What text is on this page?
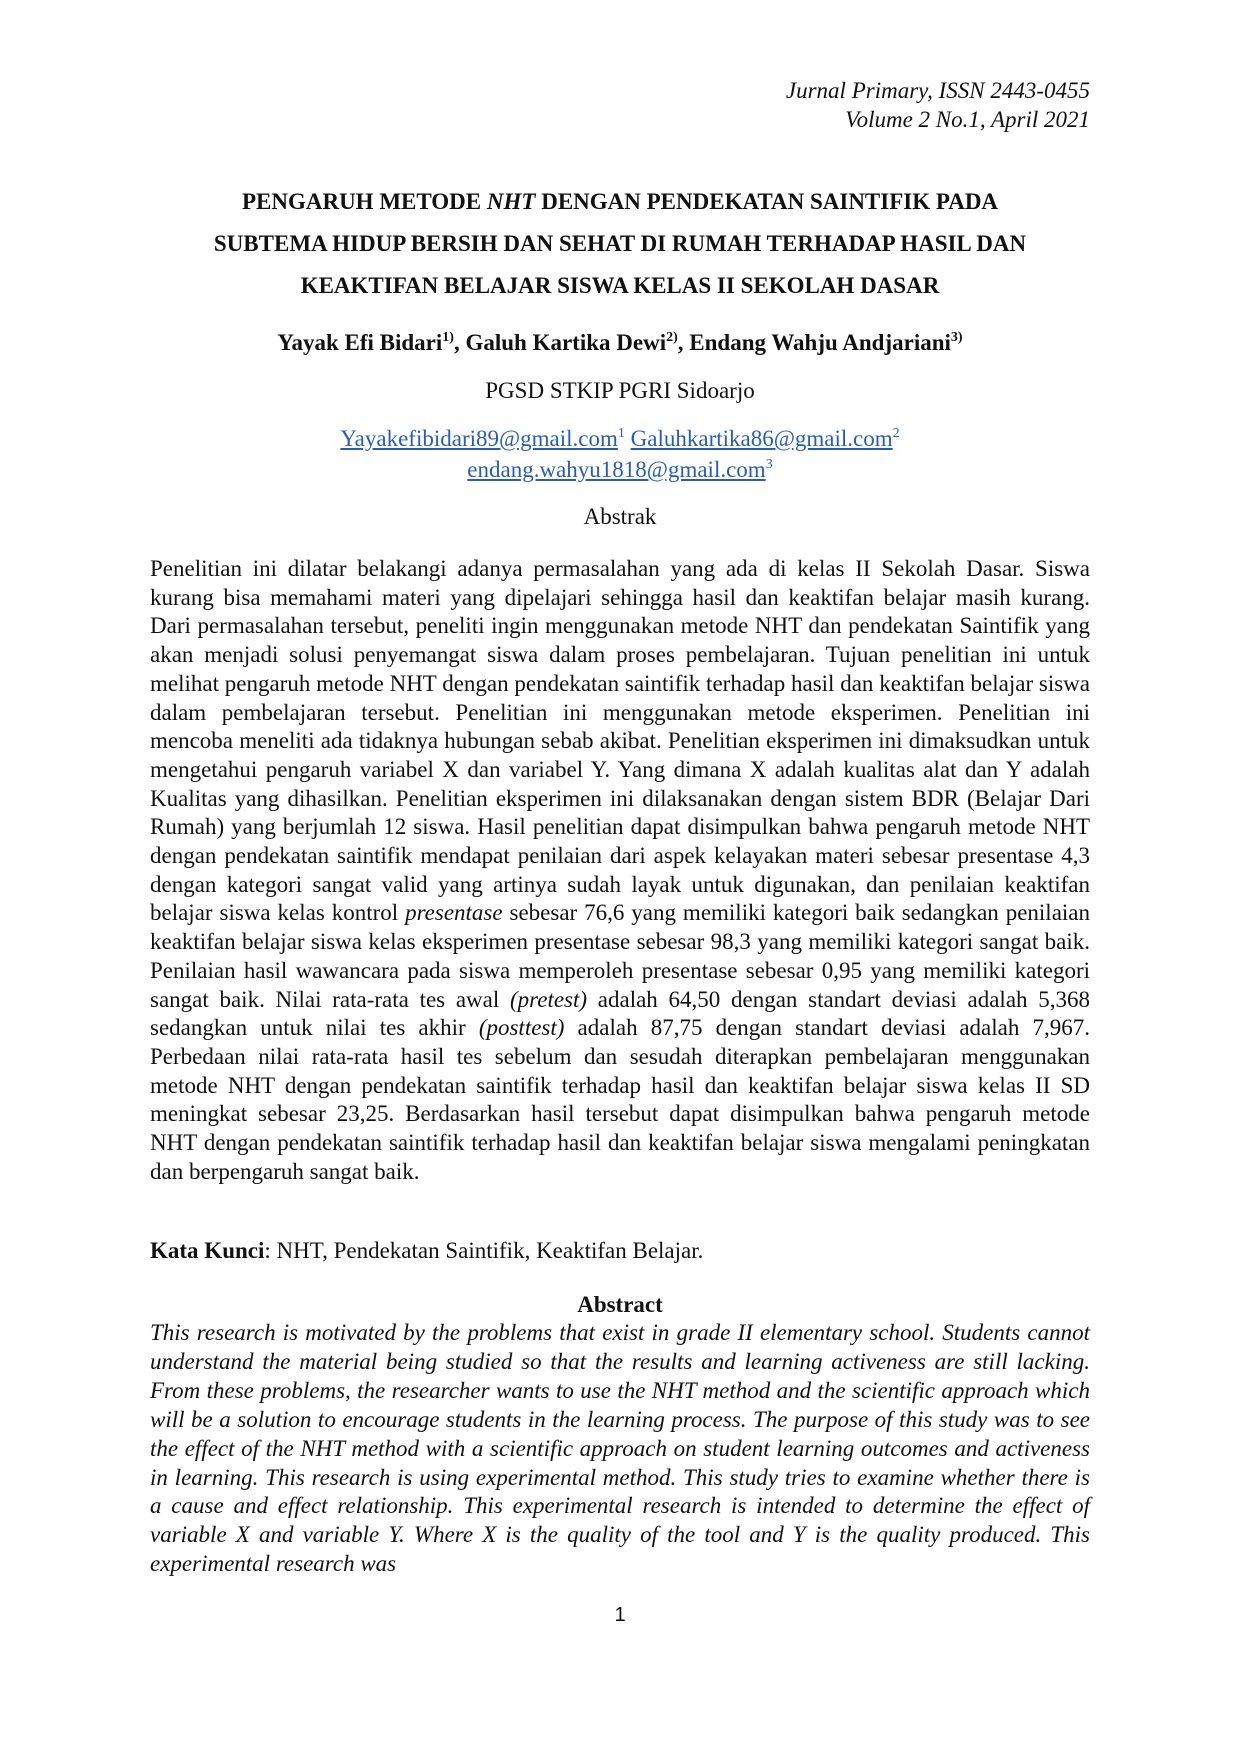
Jurnal Primary, ISSN 2443-0455
Volume 2 No.1, April 2021
PENGARUH METODE NHT DENGAN PENDEKATAN SAINTIFIK PADA
SUBTEMA HIDUP BERSIH DAN SEHAT DI RUMAH TERHADAP HASIL DAN
KEAKTIFAN BELAJAR SISWA KELAS II SEKOLAH DASAR
Yayak Efi Bidari$^{1)}$, Galuh Kartika Dewi$^{2)}$, Endang Wahju Andjariani$^{3)}$
PGSD STKIP PGRI Sidoarjo
Yayakefibidari89@gmail.com$^1$ Galuhkartika86@gmail.com$^2$
endang.wahyu1818@gmail.com$^3$
Abstrak

Penelitian ini dilatar belakangi adanya permasalahan yang ada di kelas II Sekolah Dasar. Siswa kurang bisa memahami materi yang dipelajari sehingga hasil dan keaktifan belajar masih kurang. Dari permasalahan tersebut, peneliti ingin menggunakan metode NHT dan pendekatan Saintifik yang akan menjadi solusi penyemangat siswa dalam proses pembelajaran. Tujuan penelitian ini untuk melihat pengaruh metode NHT dengan pendekatan saintifik terhadap hasil dan keaktifan belajar siswa dalam pembelajaran tersebut. Penelitian ini menggunakan metode eksperimen. Penelitian ini mencoba meneliti ada tidaknya hubungan sebab akibat. Penelitian eksperimen ini dimaksudkan untuk mengetahui pengaruh variabel X dan variabel Y. Yang dimana X adalah kualitas alat dan Y adalah Kualitas yang dihasilkan. Penelitian eksperimen ini dilaksanakan dengan sistem BDR (Belajar Dari Rumah) yang berjumlah 12 siswa. Hasil penelitian dapat disimpulkan bahwa pengaruh metode NHT dengan pendekatan saintifik mendapat penilaian dari aspek kelayakan materi sebesar presentase 4,3 dengan kategori sangat valid yang artinya sudah layak untuk digunakan, dan penilaian keaktifan belajar siswa kelas kontrol presentase sebesar 76,6 yang memiliki kategori baik sedangkan penilaian keaktifan belajar siswa kelas eksperimen presentase sebesar 98,3 yang memiliki kategori sangat baik. Penilaian hasil wawancara pada siswa memperoleh presentase sebesar 0,95 yang memiliki kategori sangat baik. Nilai rata-rata tes awal (pretest) adalah 64,50 dengan standart deviasi adalah 5,368 sedangkan untuk nilai tes akhir (posttest) adalah 87,75 dengan standart deviasi adalah 7,967. Perbedaan nilai rata-rata hasil tes sebelum dan sesudah diterapkan pembelajaran menggunakan metode NHT dengan pendekatan saintifik terhadap hasil dan keaktifan belajar siswa kelas II SD meningkat sebesar 23,25. Berdasarkan hasil tersebut dapat disimpulkan bahwa pengaruh metode NHT dengan pendekatan saintifik terhadap hasil dan keaktifan belajar siswa mengalami peningkatan dan berpengaruh sangat baik.

Kata Kunci: NHT, Pendekatan Saintifik, Keaktifan Belajar.
Abstract

This research is motivated by the problems that exist in grade II elementary school. Students cannot understand the material being studied so that the results and learning activeness are still lacking. From these problems, the researcher wants to use the NHT method and the scientific approach which will be a solution to encourage students in the learning process. The purpose of this study was to see the effect of the NHT method with a scientific approach on student learning outcomes and activeness in learning. This research is using experimental method. This study tries to examine whether there is a cause and effect relationship. This experimental research is intended to determine the effect of variable X and variable Y. Where X is the quality of the tool and Y is the quality produced. This experimental research was

1
